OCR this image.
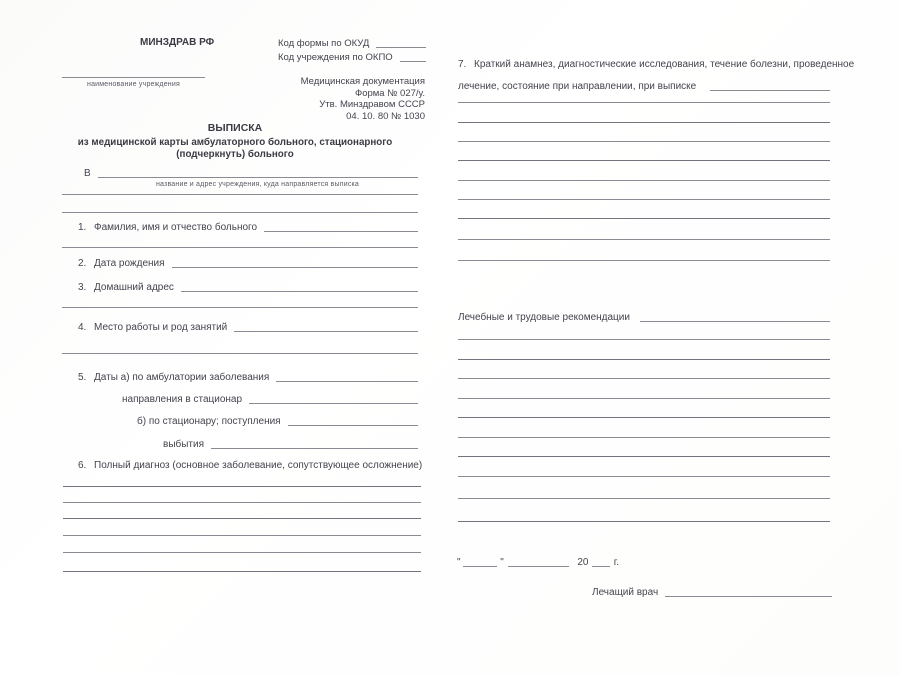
МИНЗДРАВ РФ	Код формы по ОКУД
Код учреждения по ОКПО
наименование учреждения	Медицинская документация
Форма № 027/у.
Утв. Минздравом СССР
04. 10. 80 № 1030
ВЫПИСКА
из медицинской карты амбулаторного больного, стационарного
(подчеркнуть) больного
В
название и адрес учреждения, куда направляется выписка
1. Фамилия, имя и отчество больного
2. Дата рождения
3. Домашний адрес
4. Место работы и род занятий
5. Даты а) по амбулатории заболевания
направления в стационар
б) по стационару; поступления
выбытия
6. Полный диагноз (основное заболевание, сопутствующее осложнение)
7. Краткий анамнез, диагностические исследования, течение болезни, проведенное
лечение, состояние при направлении, при выписке
Лечебные и трудовые рекомендации
"	"	20	г.
Лечащий врач
